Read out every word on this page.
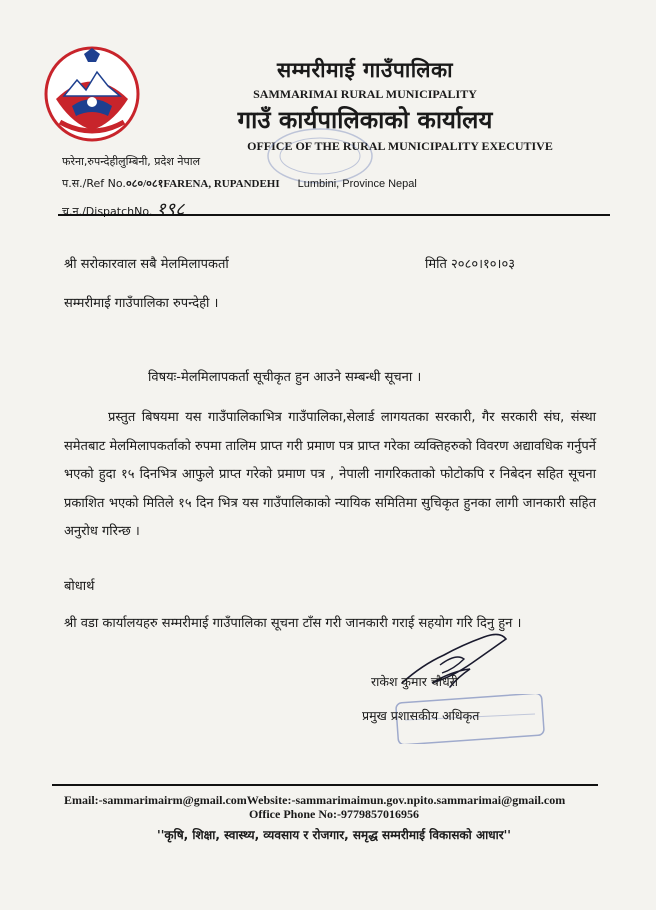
सम्मरीमाई गाउँपालिका
SAMMARIMAI RURAL MUNICIPALITY
गाउँ कार्यपालिकाको कार्यालय
OFFICE OF THE RURAL MUNICIPALITY EXECUTIVE
फरेना,रुपन्देहीलुम्बिनी, प्रदेश नेपाल
प.स./Ref No.०८०/०८१FARENA, RUPANDEHI Lumbini, Province Nepal
च.न./DispatchNo. १९८
श्री सरोकारवाल सबै मेलमिलापकर्ता	मिति २०८०।१०।०३
सम्मरीमाई गाउँपालिका रुपन्देही ।
विषयः-मेलमिलापकर्ता सूचीकृत हुन आउने सम्बन्धी सूचना ।
प्रस्तुत बिषयमा यस गाउँपालिकाभित्र गाउँपालिका,सेलार्ड लागयतका सरकारी, गैर सरकारी संघ, संस्था समेतबाट मेलमिलापकर्ताको रुपमा तालिम प्राप्त गरी प्रमाण पत्र प्राप्त गरेका व्यक्तिहरुको विवरण अद्यावधिक गर्नुपर्ने भएको हुदा १५ दिनभित्र आफुले प्राप्त गरेको प्रमाण पत्र , नेपाली नागरिकताको फोटोकपि र निबेदन सहित सूचना प्रकाशित भएको मितिले १५ दिन भित्र यस गाउँपालिकाको न्यायिक समितिमा सुचिकृत हुनका लागी जानकारी सहित अनुरोध गरिन्छ ।
बोधार्थ
श्री वडा कार्यालयहरु सम्मरीमाई गाउँपालिका सूचना टाँस गरी जानकारी गराई सहयोग गरि दिनु हुन ।
राकेश कुमार चौधरी
प्रमुख प्रशासकीय अधिकृत
Email:-sammarimairm@gmail.comWebsite:-sammarimaimun.gov.npito.sammarimai@gmail.com
Office Phone No:-9779857016956
''कृषि, शिक्षा, स्वास्थ्य, व्यवसाय र रोजगार, समृद्ध सम्मरीमाई विकासको आधार''
